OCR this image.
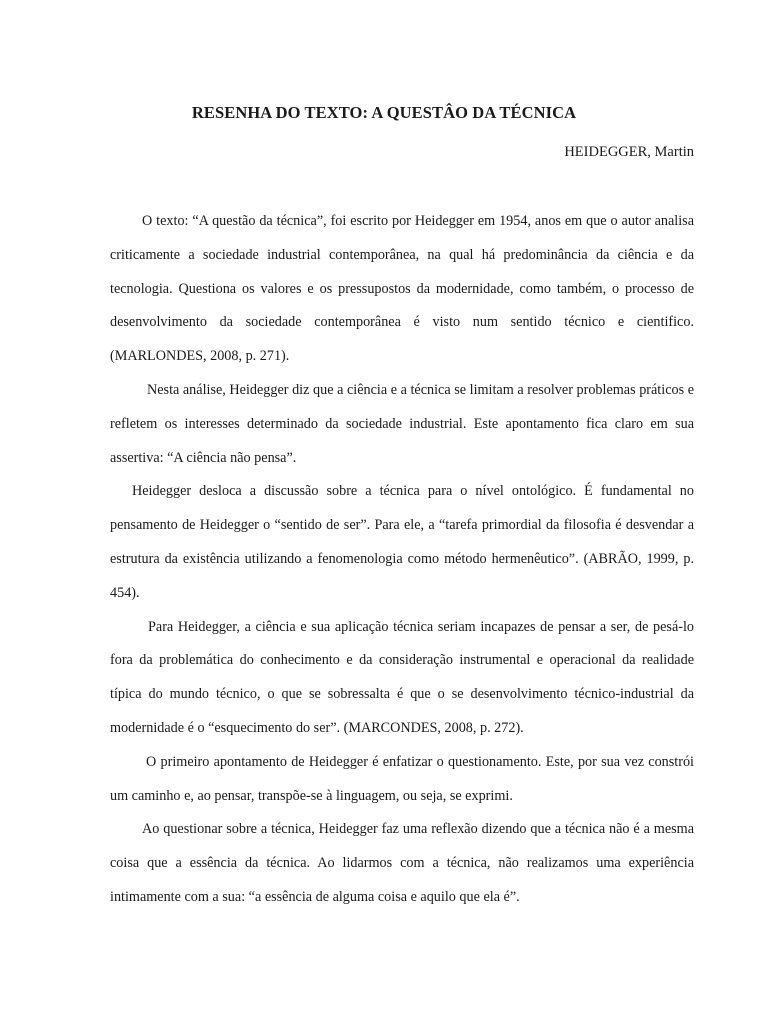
RESENHA DO TEXTO: A QUESTÂO DA TÉCNICA
HEIDEGGER, Martin

O texto: “A questão da técnica”, foi escrito por Heidegger em 1954, anos em que o autor analisa criticamente a sociedade industrial contemporânea, na qual há predominância da ciência e da tecnologia. Questiona os valores e os pressupostos da modernidade, como também, o processo de desenvolvimento da sociedade contemporânea é visto num sentido técnico e cientifico. (MARLONDES, 2008, p. 271).

Nesta análise, Heidegger diz que a ciência e a técnica se limitam a resolver problemas práticos e refletem os interesses determinado da sociedade industrial. Este apontamento fica claro em sua assertiva: “A ciência não pensa”.

Heidegger desloca a discussão sobre a técnica para o nível ontológico. É fundamental no pensamento de Heidegger o “sentido de ser”. Para ele, a “tarefa primordial da filosofia é desvendar a estrutura da existência utilizando a fenomenologia como método hermenêutico”. (ABRÃO, 1999, p. 454).

Para Heidegger, a ciência e sua aplicação técnica seriam incapazes de pensar a ser, de pesá-lo fora da problemática do conhecimento e da consideração instrumental e operacional da realidade típica do mundo técnico, o que se sobressalta é que o se desenvolvimento técnico-industrial da modernidade é o “esquecimento do ser”. (MARCONDES, 2008, p. 272).

O primeiro apontamento de Heidegger é enfatizar o questionamento. Este, por sua vez constrói um caminho e, ao pensar, transpõe-se à linguagem, ou seja, se exprimi.

Ao questionar sobre a técnica, Heidegger faz uma reflexão dizendo que a técnica não é a mesma coisa que a essência da técnica. Ao lidarmos com a técnica, não realizamos uma experiência intimamente com a sua: “a essência de alguma coisa e aquilo que ela é”.
